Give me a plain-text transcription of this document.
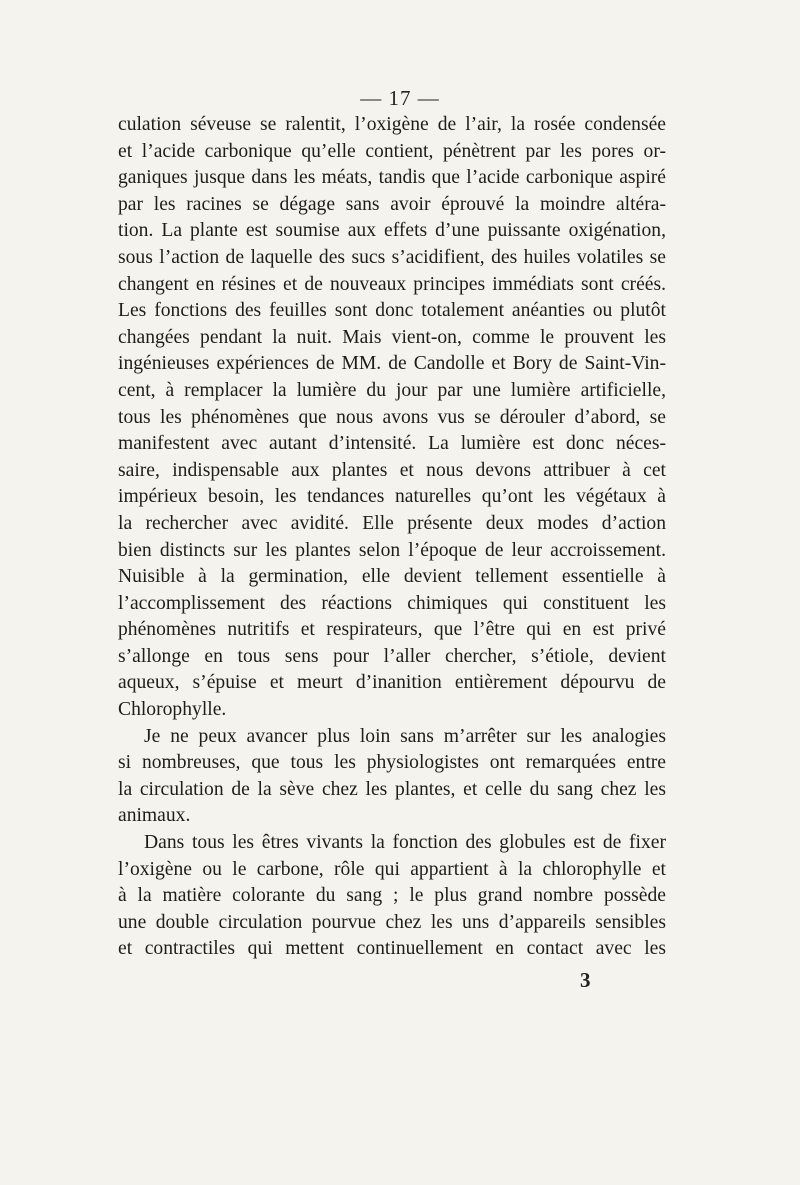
— 17 —
culation séveuse se ralentit, l’oxigène de l’air, la rosée condensée
et l’acide carbonique qu’elle contient, pénètrent par les pores or-
ganiques jusque dans les méats, tandis que l’acide carbonique aspiré
par les racines se dégage sans avoir éprouvé la moindre altéra-
tion. La plante est soumise aux effets d’une puissante oxigénation,
sous l’action de laquelle des sucs s’acidifient, des huiles volatiles se
changent en résines et de nouveaux principes immédiats sont créés.
Les fonctions des feuilles sont donc totalement anéanties ou plutôt
changées pendant la nuit. Mais vient-on, comme le prouvent les
ingénieuses expériences de MM. de Candolle et Bory de Saint-Vin-
cent, à remplacer la lumière du jour par une lumière artificielle,
tous les phénomènes que nous avons vus se dérouler d’abord, se
manifestent avec autant d’intensité. La lumière est donc néces-
saire, indispensable aux plantes et nous devons attribuer à cet
impérieux besoin, les tendances naturelles qu’ont les végétaux à
la rechercher avec avidité. Elle présente deux modes d’action
bien distincts sur les plantes selon l’époque de leur accroissement.
Nuisible à la germination, elle devient tellement essentielle à
l’accomplissement des réactions chimiques qui constituent les
phénomènes nutritifs et respirateurs, que l’être qui en est privé
s’allonge en tous sens pour l’aller chercher, s’étiole, devient
aqueux, s’épuise et meurt d’inanition entièrement dépourvu de
Chlorophylle.
Je ne peux avancer plus loin sans m’arrêter sur les analogies
si nombreuses, que tous les physiologistes ont remarquées entre
la circulation de la sève chez les plantes, et celle du sang chez les
animaux.
Dans tous les êtres vivants la fonction des globules est de fixer
l’oxigène ou le carbone, rôle qui appartient à la chlorophylle et
à la matière colorante du sang ; le plus grand nombre possède
une double circulation pourvue chez les uns d’appareils sensibles
et contractiles qui mettent continuellement en contact avec les
3
